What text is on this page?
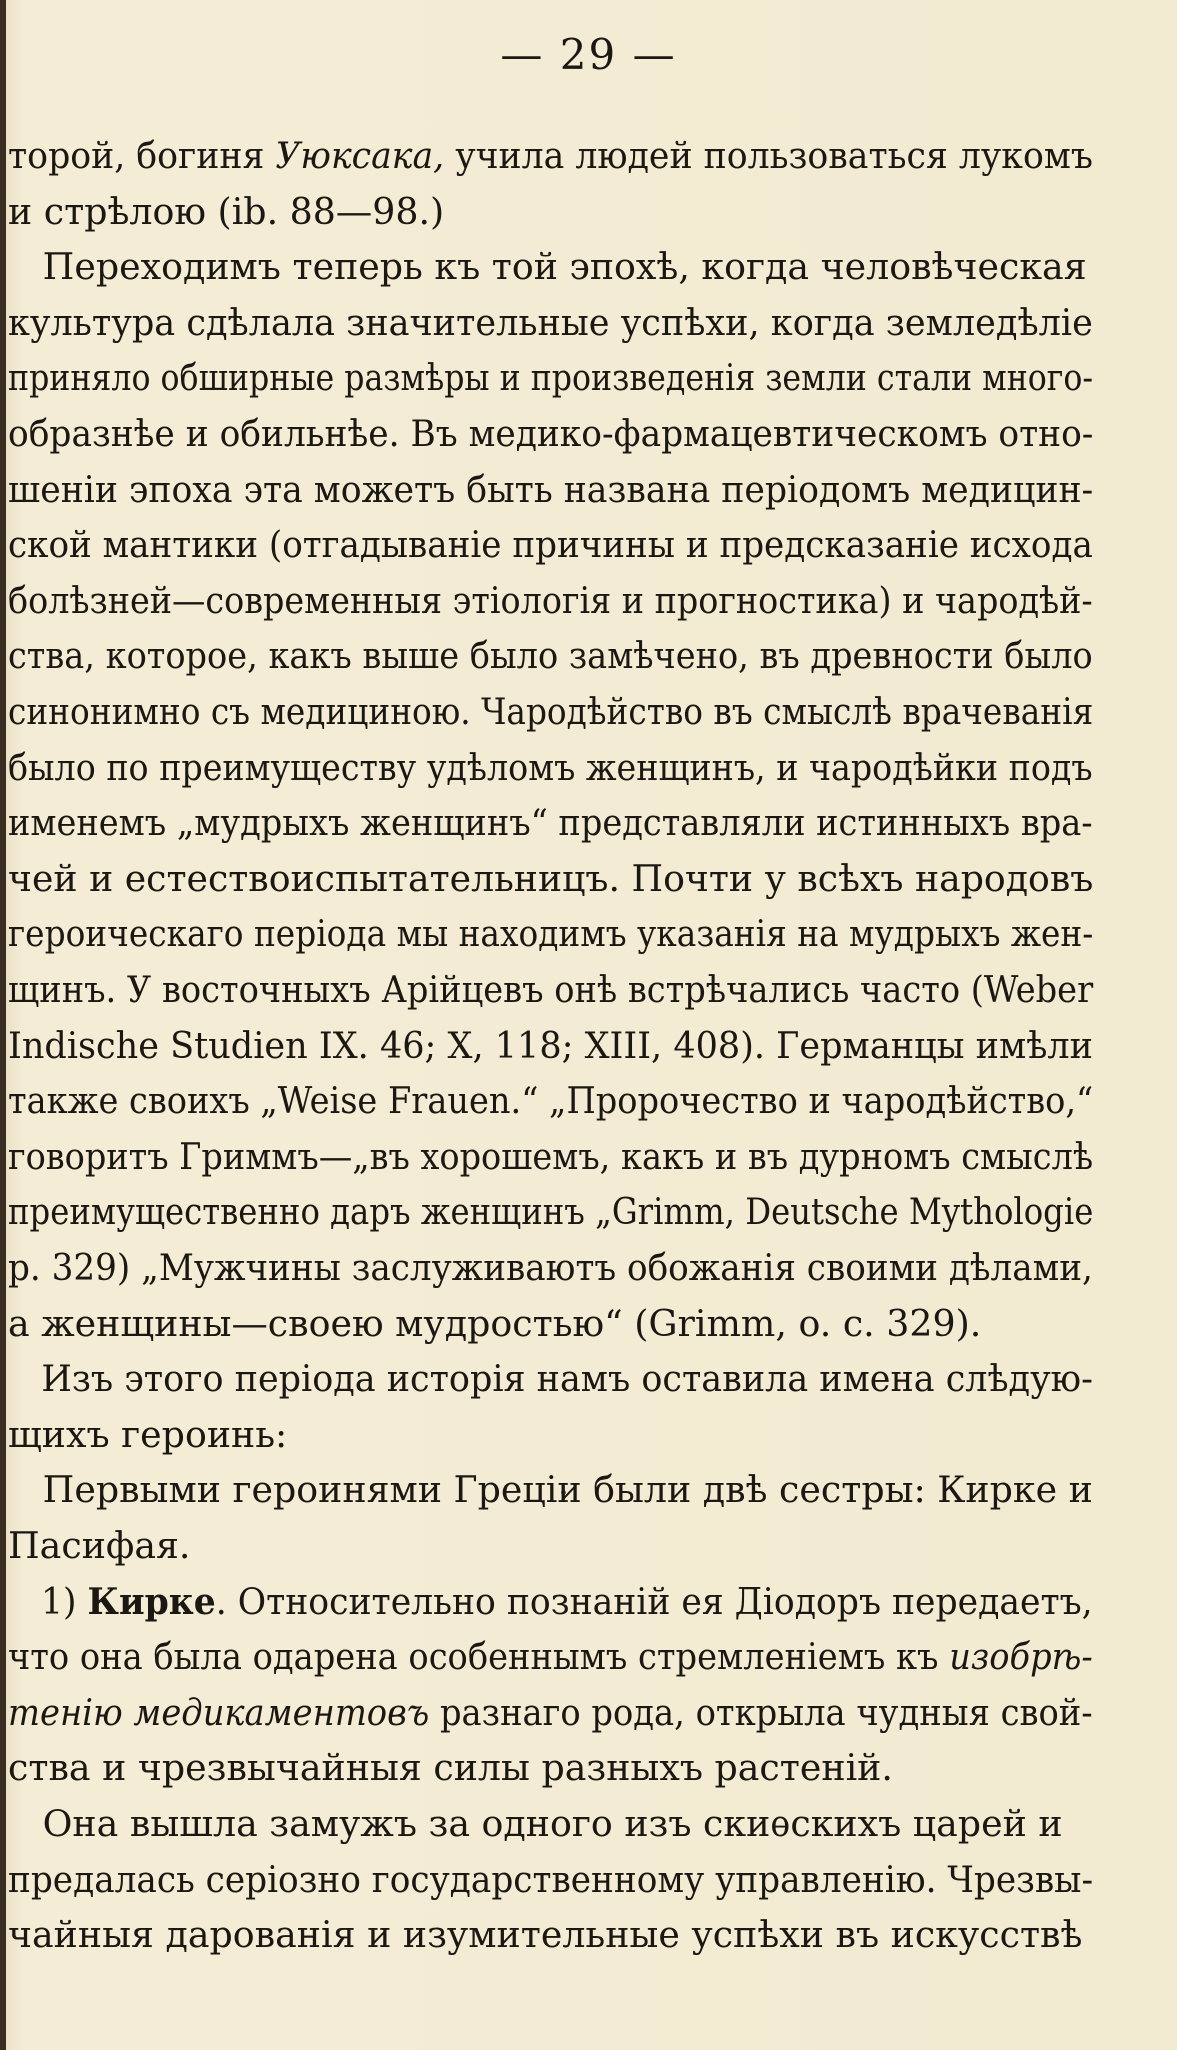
— 29 —
торой, богиня Уюксака, учила людей пользоваться лукомъ
и стрѣлою (ib. 88—98.)
Переходимъ теперь къ той эпохѣ, когда человѣческая
культура сдѣлала значительные успѣхи, когда земледѣліе
приняло обширные размѣры и произведенія земли стали много-
образнѣе и обильнѣе. Въ медико-фармацевтическомъ отно-
шеніи эпоха эта можетъ быть названа періодомъ медицин-
ской мантики (отгадываніе причины и предсказаніе исхода
болѣзней—современныя этіологія и прогностика) и чародѣй-
ства, которое, какъ выше было замѣчено, въ древности было
синонимно съ медициною. Чародѣйство въ смыслѣ врачеванія
было по преимуществу удѣломъ женщинъ, и чародѣйки подъ
именемъ „мудрыхъ женщинъ“ представляли истинныхъ вра-
чей и естествоиспытательницъ. Почти у всѣхъ народовъ
героическаго періода мы находимъ указанія на мудрыхъ жен-
щинъ. У восточныхъ Арійцевъ онѣ встрѣчались часто (Weber
Indische Studien IX. 46; X, 118; XIII, 408). Германцы имѣли
также своихъ „Weise Frauen.“ „Пророчество и чародѣйство,“
говоритъ Гриммъ—„въ хорошемъ, какъ и въ дурномъ смыслѣ
преимущественно даръ женщинъ „Grimm, Deutsche Mythologie
p. 329) „Мужчины заслуживаютъ обожанія своими дѣлами,
а женщины—своею мудростью“ (Grimm, o. c. 329).
Изъ этого періода исторія намъ оставила имена слѣдую-
щихъ героинь:
Первыми героинями Греціи были двѣ сестры: Кирке и
Пасифая.
1) Кирке. Относительно познаній ея Діодоръ передаетъ,
что она была одарена особеннымъ стремленіемъ къ изобрѣ-
тенію медикаментовъ разнаго рода, открыла чудныя свой-
ства и чрезвычайныя силы разныхъ растеній.
Она вышла замужъ за одного изъ скиѳскихъ царей и
предалась серіозно государственному управленію. Чрезвы-
чайныя дарованія и изумительные успѣхи въ искусствѣ
